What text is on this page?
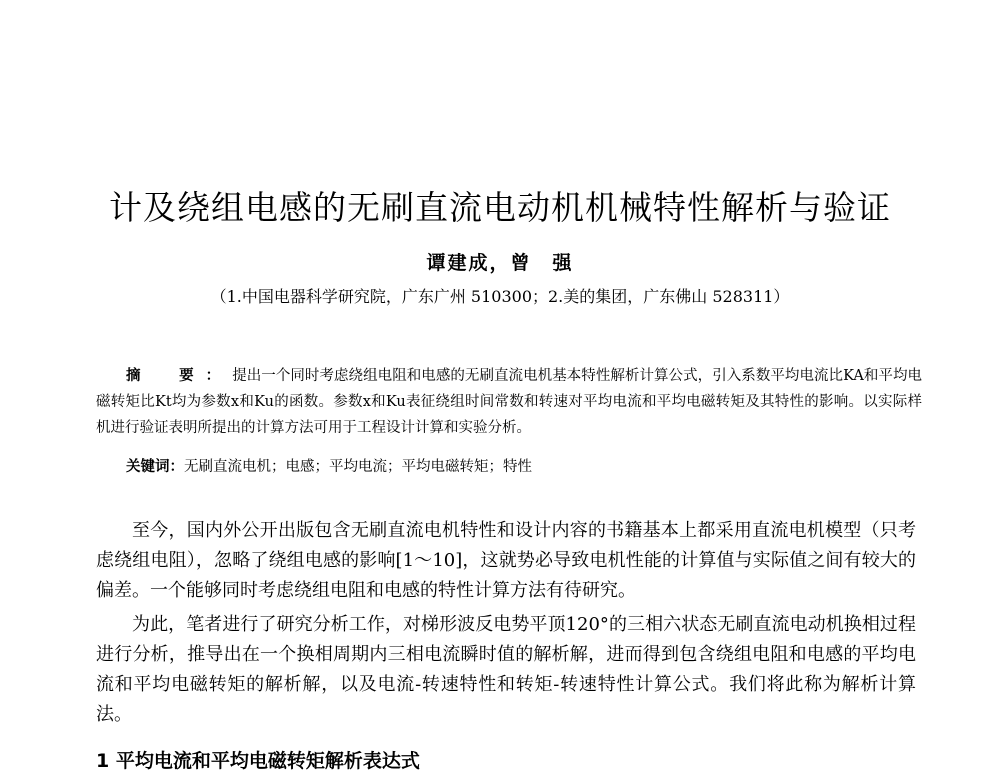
计及绕组电感的无刷直流电动机机械特性解析与验证
谭建成，曾　强
（1.中国电器科学研究院，广东广州 510300；2.美的集团，广东佛山 528311）
摘　要：提出一个同时考虑绕组电阻和电感的无刷直流电机基本特性解析计算公式，引入系数平均电流比KA和平均电磁转矩比Kt均为参数x和Ku的函数。参数x和Ku表征绕组时间常数和转速对平均电流和平均电磁转矩及其特性的影响。以实际样机进行验证表明所提出的计算方法可用于工程设计计算和实验分析。
关键词：无刷直流电机；电感；平均电流；平均电磁转矩；特性
至今，国内外公开出版包含无刷直流电机特性和设计内容的书籍基本上都采用直流电机模型（只考虑绕组电阻），忽略了绕组电感的影响[1～10]，这就势必导致电机性能的计算值与实际值之间有较大的偏差。一个能够同时考虑绕组电阻和电感的特性计算方法有待研究。
为此，笔者进行了研究分析工作，对梯形波反电势平顶120°的三相六状态无刷直流电动机换相过程进行分析，推导出在一个换相周期内三相电流瞬时值的解析解，进而得到包含绕组电阻和电感的平均电流和平均电磁转矩的解析解，以及电流-转速特性和转矩-转速特性计算公式。我们将此称为解析计算法。
1 平均电流和平均电磁转矩解析表达式
